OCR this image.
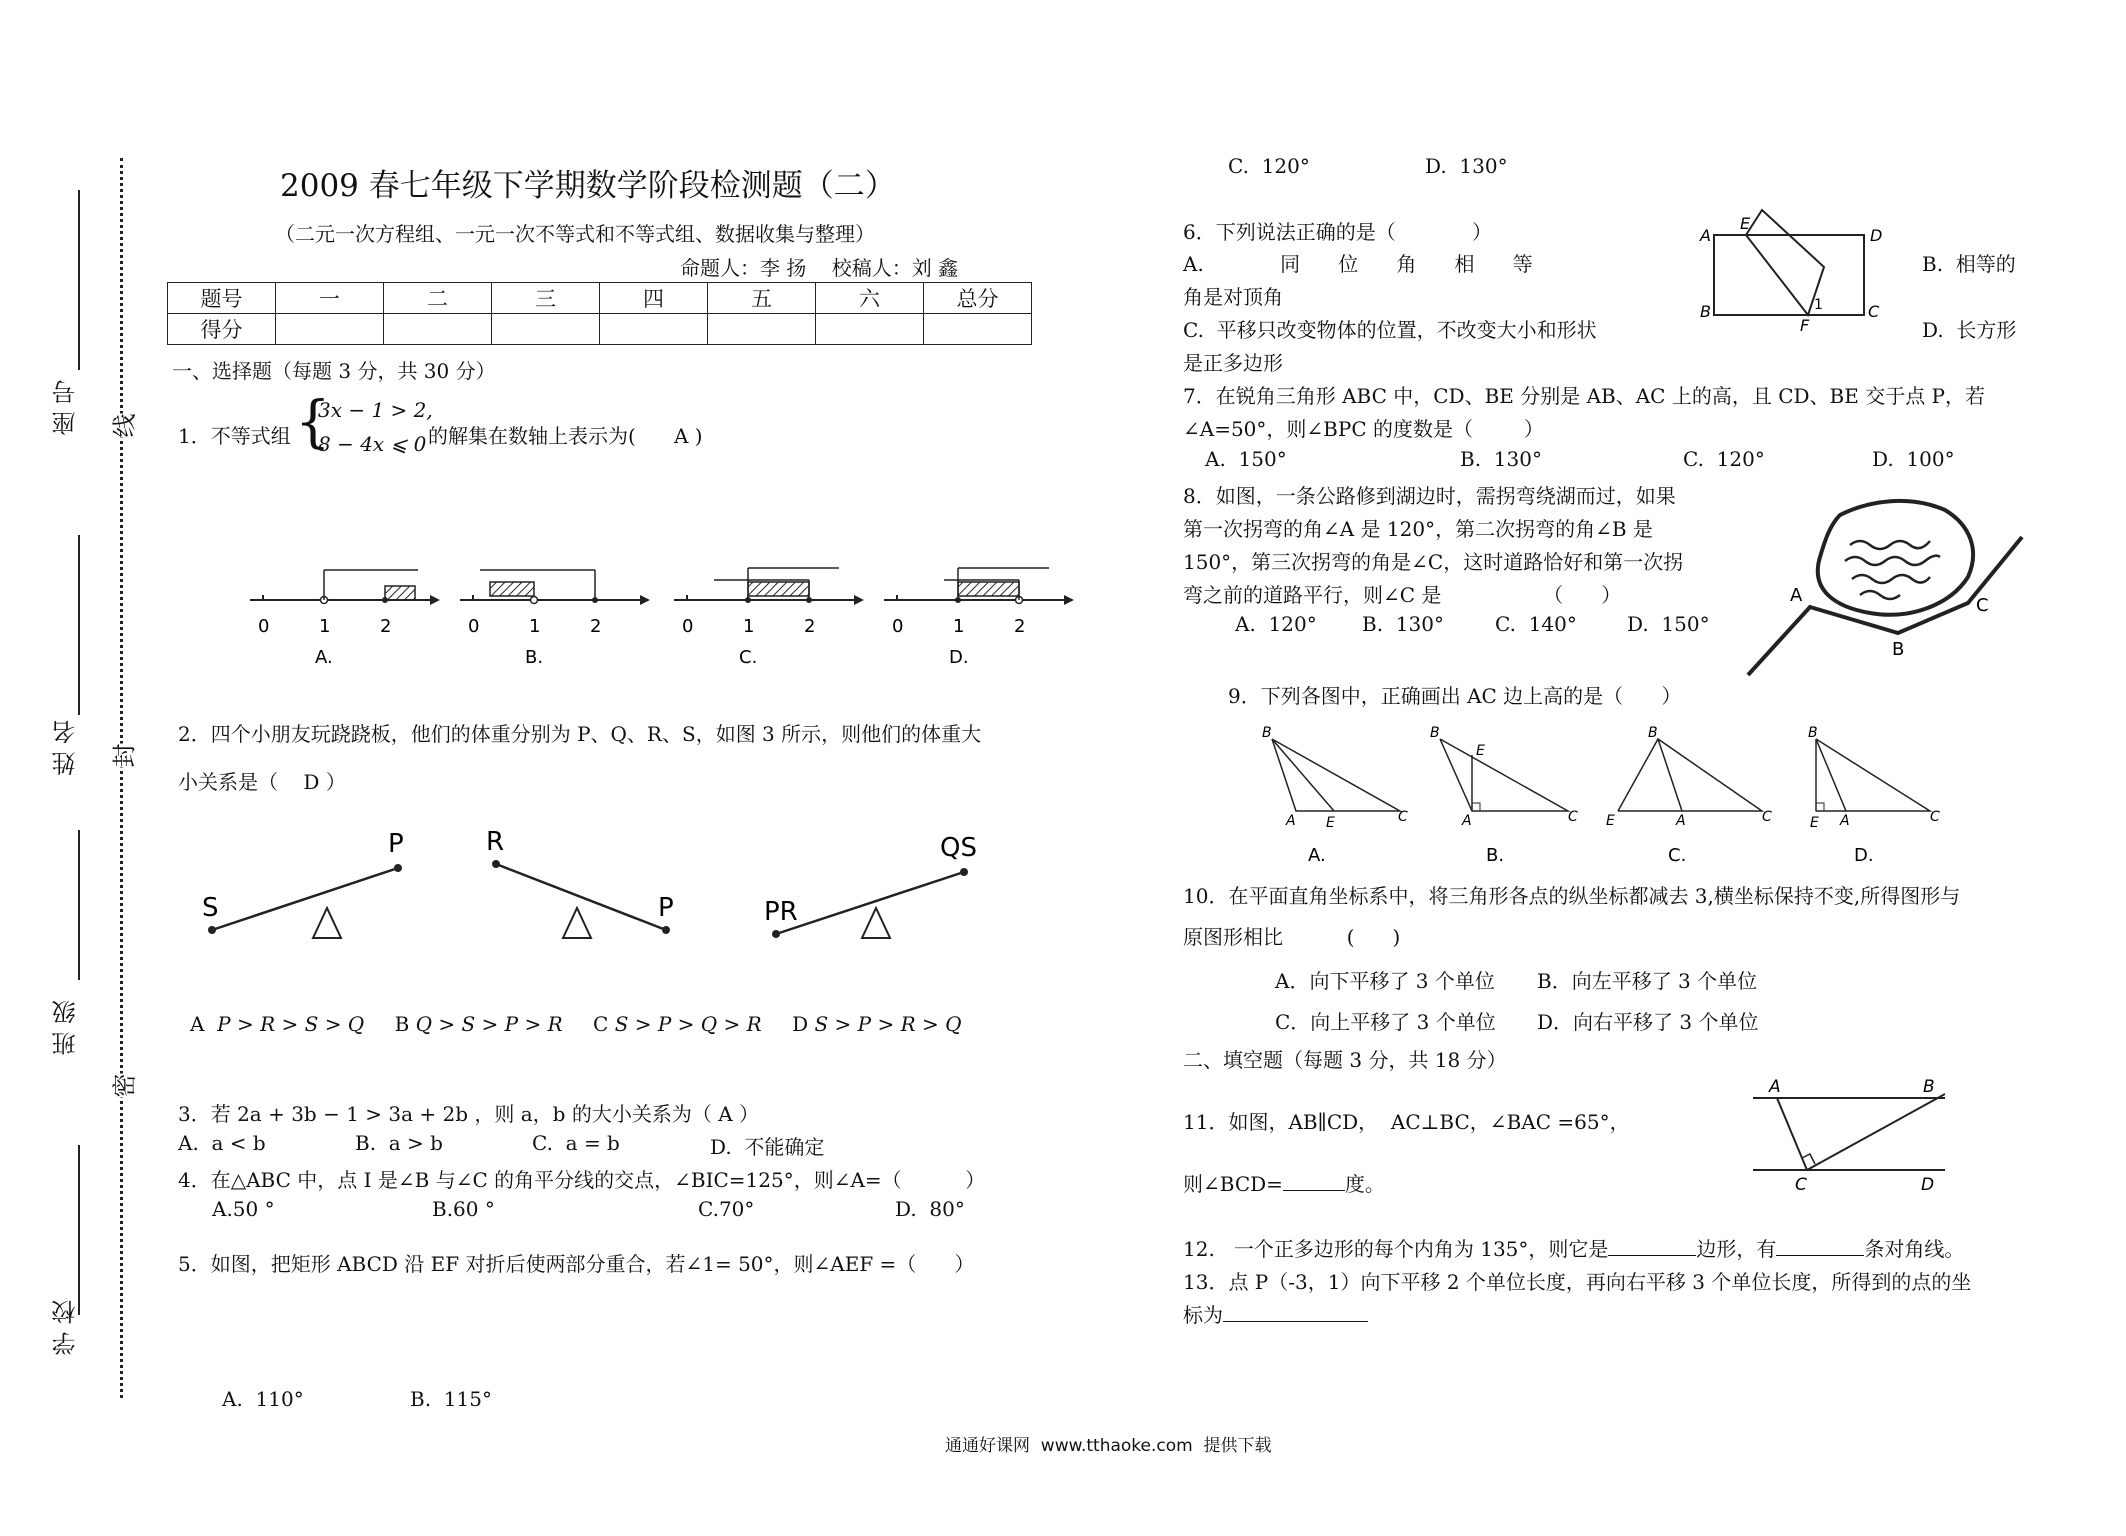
座 号
姓 名
班 级
学 校
线
封
密
2009 春七年级下学期数学阶段检测题（二）
（二元一次方程组、一元一次不等式和不等式组、数据收集与整理）
命题人：李 扬    校稿人：刘 鑫
题号	一	二	三	四	五	六	总分
得分							
一、选择题（每题 3 分，共 30 分）
1．不等式组 {
3x − 1 > 2,
8 − 4x ⩽ 0 的解集在数轴上表示为(      A )
0	1	2
A.
0	1	2
B.
0	1	2
C.
0	1	2
D.
2．四个小朋友玩跷跷板，他们的体重分别为 P、Q、R、S，如图 3 所示，则他们的体重大
小关系是（    D ）
S
P	R
P	PR
QS
A P > R > S > Q B Q > S > P > R C S > P > Q > R D S > P > R > Q
3．若 2a + 3b − 1 > 3a + 2b ，则 a，b 的大小关系为（ A ）
A.  a < b	B.  a > b	C.  a = b	D.  不能确定
4．在△ABC 中，点 I 是∠B 与∠C 的角平分线的交点，∠BIC=125°，则∠A=（          ）
A.50 °	B.60 °	C.70°	D.  80°
5．如图，把矩形 ABCD 沿 EF 对折后使两部分重合，若∠1= 50°，则∠AEF =（      ）
A.  110°	B.  115°
C.  120°	D.  130°
6．下列说法正确的是（            ）
A.            同      位      角      相      等	B.  相等的
角是对顶角
C.  平移只改变物体的位置，不改变大小和形状	D.  长方形
是正多边形
A
E
D
B
F
C
1
7．在锐角三角形 ABC 中，CD、BE 分别是 AB、AC 上的高，且 CD、BE 交于点 P，若
∠A=50°，则∠BPC 的度数是（        ）
A.  150°	B.  130°	C.  120°	D.  100°
8．如图，一条公路修到湖边时，需拐弯绕湖而过，如果
第一次拐弯的角∠A 是 120°，第二次拐弯的角∠B 是
150°，第三次拐弯的角是∠C，这时道路恰好和第一次拐
弯之前的道路平行，则∠C 是                （      ）
A.  120° B.  130°	C.  140°	D.  150°
A
B
C
9．下列各图中，正确画出 AC 边上高的是（      ）
B
A E	C
A.
B
E
A	C
B.
B
E	A	C
C.
B
E A	C
D.
10．在平面直角坐标系中，将三角形各点的纵坐标都减去 3,横坐标保持不变,所得图形与
原图形相比          (      )
A．向下平移了 3 个单位 B．向左平移了 3 个单位
C．向上平移了 3 个单位 D．向右平移了 3 个单位
二、填空题（每题 3 分，共 18 分）
11．如图，AB∥CD，  AC⊥BC，∠BAC =65°，
则∠BCD=	度。
A	B
C	D
12.   一个正多边形的每个内角为 135°，则它是	边形，有	条对角线。
13．点 P（-3，1）向下平移 2 个单位长度，再向右平移 3 个单位长度，所得到的点的坐
标为
通通好课网  www.tthaoke.com  提供下载
